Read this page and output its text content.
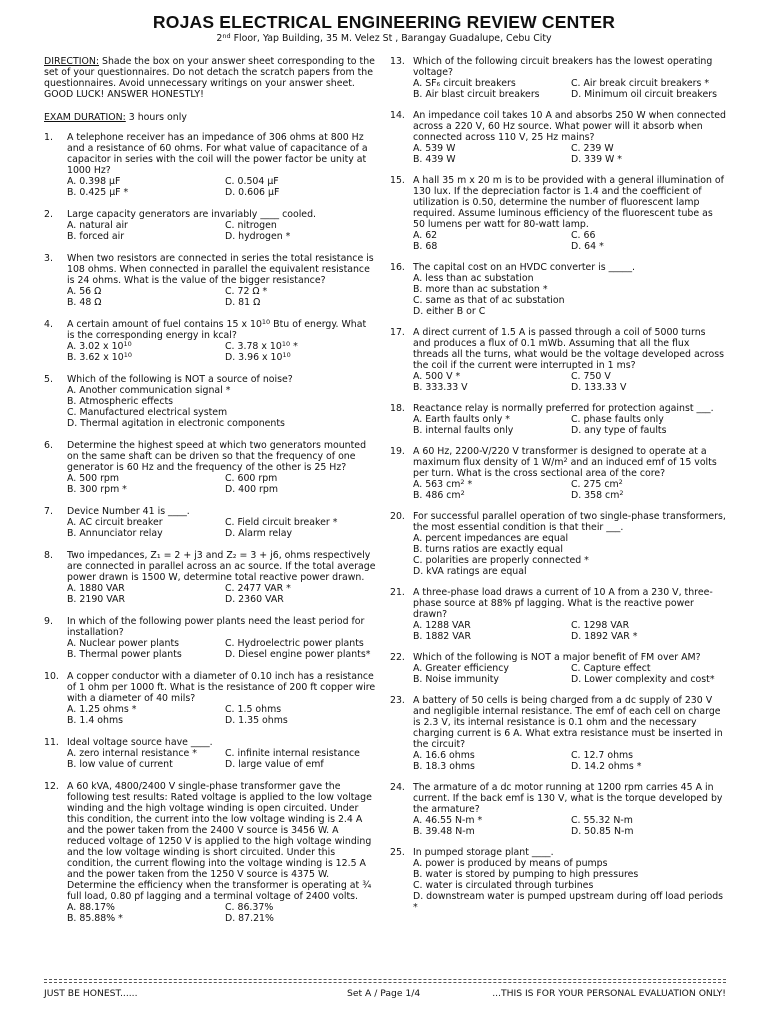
ROJAS ELECTRICAL ENGINEERING REVIEW CENTER
2nd Floor, Yap Building, 35 M. Velez St , Barangay Guadalupe, Cebu City
DIRECTION: Shade the box on your answer sheet corresponding to the set of your questionnaires. Do not detach the scratch papers from the questionnaires. Avoid unnecessary writings on your answer sheet. GOOD LUCK! ANSWER HONESTLY!
EXAM DURATION: 3 hours only
1.	A telephone receiver has an impedance of 306 ohms at 800 Hz and a resistance of 60 ohms. For what value of capacitance of a capacitor in series with the coil will the power factor be unity at 1000 Hz?
A. 0.398 µF	C. 0.504 µF
B. 0.425 µF *	D. 0.606 µF
2.	Large capacity generators are invariably ____ cooled.
A. natural air	C. nitrogen
B. forced air	D. hydrogen *
3.	When two resistors are connected in series the total resistance is 108 ohms. When connected in parallel the equivalent resistance is 24 ohms. What is the value of the bigger resistance?
A. 56 Ω	C. 72 Ω *
B. 48 Ω	D. 81 Ω
4.	A certain amount of fuel contains 15 x $10^{10}$ Btu of energy. What is the corresponding energy in kcal?
A. 3.02 x $10^{10}$	C. 3.78 x $10^{10}$ *
B. 3.62 x $10^{10}$	D. 3.96 x $10^{10}$
5.	Which of the following is NOT a source of noise?
A. Another communication signal *
B. Atmospheric effects
C. Manufactured electrical system
D. Thermal agitation in electronic components
6.	Determine the highest speed at which two generators mounted on the same shaft can be driven so that the frequency of one generator is 60 Hz and the frequency of the other is 25 Hz?
A. 500 rpm	C. 600 rpm
B. 300 rpm *	D. 400 rpm
7.	Device Number 41 is ____.
A. AC circuit breaker	C. Field circuit breaker *
B. Annunciator relay	D. Alarm relay
8.	Two impedances, Z₁ = 2 + j3 and Z₂ = 3 + j6, ohms respectively are connected in parallel across an ac source. If the total average power drawn is 1500 W, determine total reactive power drawn.
A. 1880 VAR	C. 2477 VAR *
B. 2190 VAR	D. 2360 VAR
9.	In which of the following power plants need the least period for installation?
A. Nuclear power plants	C. Hydroelectric power plants
B. Thermal power plants	D. Diesel engine power plants*
10. A copper conductor with a diameter of 0.10 inch has a resistance of 1 ohm per 1000 ft. What is the resistance of 200 ft copper wire with a diameter of 40 mils?
A. 1.25 ohms *	C. 1.5 ohms
B. 1.4 ohms	D. 1.35 ohms
11. Ideal voltage source have ____.
A. zero internal resistance *	C. infinite internal resistance
B. low value of current	D. large value of emf
12. A 60 kVA, 4800/2400 V single-phase transformer gave the following test results: Rated voltage is applied to the low voltage winding and the high voltage winding is open circuited. Under this condition, the current into the low voltage winding is 2.4 A and the power taken from the 2400 V source is 3456 W. A reduced voltage of 1250 V is applied to the high voltage winding and the low voltage winding is short circuited. Under this condition, the current flowing into the voltage winding is 12.5 A and the power taken from the 1250 V source is 4375 W. Determine the efficiency when the transformer is operating at ¾ full load, 0.80 pf lagging and a terminal voltage of 2400 volts.
A. 88.17%	C. 86.37%
B. 85.88% *	D. 87.21%
13. Which of the following circuit breakers has the lowest operating voltage?
A. SF₆ circuit breakers	C. Air break circuit breakers *
B. Air blast circuit breakers	D. Minimum oil circuit breakers
14. An impedance coil takes 10 A and absorbs 250 W when connected across a 220 V, 60 Hz source. What power will it absorb when connected across 110 V, 25 Hz mains?
A. 539 W	C. 239 W
B. 439 W	D. 339 W *
15. A hall 35 m x 20 m is to be provided with a general illumination of 130 lux. If the depreciation factor is 1.4 and the coefficient of utilization is 0.50, determine the number of fluorescent lamp required. Assume luminous efficiency of the fluorescent tube as 50 lumens per watt for 80-watt lamp.
A. 62	C. 66
B. 68	D. 64 *
16. The capital cost on an HVDC converter is _____.
A. less than ac substation
B. more than ac substation *
C. same as that of ac substation
D. either B or C
17. A direct current of 1.5 A is passed through a coil of 5000 turns and produces a flux of 0.1 mWb. Assuming that all the flux threads all the turns, what would be the voltage developed across the coil if the current were interrupted in 1 ms?
A. 500 V *	C. 750 V
B. 333.33 V	D. 133.33 V
18. Reactance relay is normally preferred for protection against ___.
A. Earth faults only *	C. phase faults only
B. internal faults only	D. any type of faults
19. A 60 Hz, 2200-V/220 V transformer is designed to operate at a maximum flux density of 1 $W/m^2$ and an induced emf of 15 volts per turn. What is the cross sectional area of the core?
A. 563 $cm^2$ *	C. 275 $cm^2$
B. 486 $cm^2$	D. 358 $cm^2$
20. For successful parallel operation of two single-phase transformers, the most essential condition is that their ___.
A. percent impedances are equal
B. turns ratios are exactly equal
C. polarities are properly connected *
D. kVA ratings are equal
21. A three-phase load draws a current of 10 A from a 230 V, three-phase source at 88% pf lagging. What is the reactive power drawn?
A. 1288 VAR	C. 1298 VAR
B. 1882 VAR	D. 1892 VAR *
22. Which of the following is NOT a major benefit of FM over AM?
A. Greater efficiency	C. Capture effect
B. Noise immunity	D. Lower complexity and cost*
23. A battery of 50 cells is being charged from a dc supply of 230 V and negligible internal resistance. The emf of each cell on charge is 2.3 V, its internal resistance is 0.1 ohm and the necessary charging current is 6 A. What extra resistance must be inserted in the circuit?
A. 16.6 ohms	C. 12.7 ohms
B. 18.3 ohms	D. 14.2 ohms *
24. The armature of a dc motor running at 1200 rpm carries 45 A in current. If the back emf is 130 V, what is the torque developed by the armature?
A. 46.55 N-m *	C. 55.32 N-m
B. 39.48 N-m	D. 50.85 N-m
25. In pumped storage plant ____.
A. power is produced by means of pumps
B. water is stored by pumping to high pressures
C. water is circulated through turbines
D. downstream water is pumped upstream during off load periods *
JUST BE HONEST......	Set A / Page 1/4	...THIS IS FOR YOUR PERSONAL EVALUATION ONLY!
